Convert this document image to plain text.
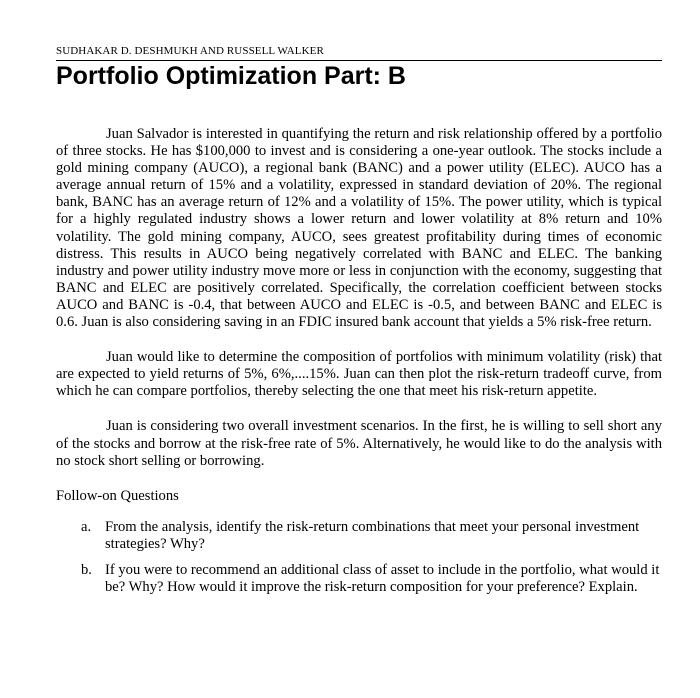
SUDHAKAR D. DESHMUKH AND RUSSELL WALKER
Portfolio Optimization Part: B

Juan Salvador is interested in quantifying the return and risk relationship offered by a portfolio of three stocks. He has $100,000 to invest and is considering a one-year outlook. The stocks include a gold mining company (AUCO), a regional bank (BANC) and a power utility (ELEC). AUCO has a average annual return of 15% and a volatility, expressed in standard deviation of 20%. The regional bank, BANC has an average return of 12% and a volatility of 15%. The power utility, which is typical for a highly regulated industry shows a lower return and lower volatility at 8% return and 10% volatility. The gold mining company, AUCO, sees greatest profitability during times of economic distress. This results in AUCO being negatively correlated with BANC and ELEC. The banking industry and power utility industry move more or less in conjunction with the economy, suggesting that BANC and ELEC are positively correlated. Specifically, the correlation coefficient between stocks AUCO and BANC is -0.4, that between AUCO and ELEC is -0.5, and between BANC and ELEC is 0.6. Juan is also considering saving in an FDIC insured bank account that yields a 5% risk-free return.

Juan would like to determine the composition of portfolios with minimum volatility (risk) that are expected to yield returns of 5%, 6%,....15%. Juan can then plot the risk-return tradeoff curve, from which he can compare portfolios, thereby selecting the one that meet his risk-return appetite.

Juan is considering two overall investment scenarios. In the first, he is willing to sell short any of the stocks and borrow at the risk-free rate of 5%. Alternatively, he would like to do the analysis with no stock short selling or borrowing.

Follow-on Questions

a. From the analysis, identify the risk-return combinations that meet your personal investment strategies? Why?
b. If you were to recommend an additional class of asset to include in the portfolio, what would it be? Why? How would it improve the risk-return composition for your preference? Explain.
